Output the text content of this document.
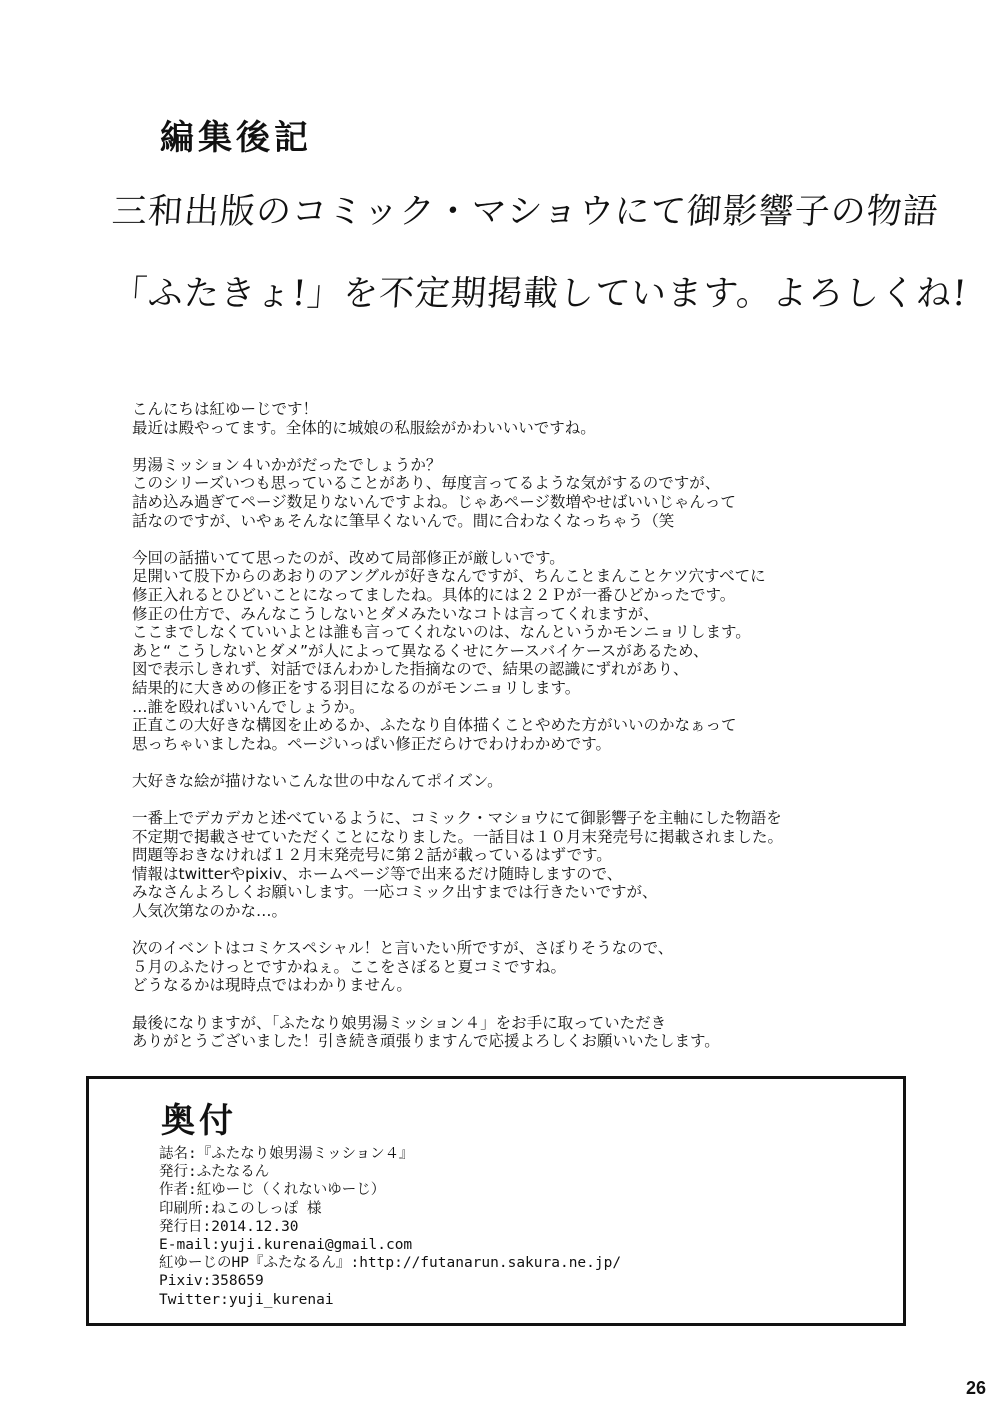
編集後記

三和出版のコミック・マショウにて御影響子の物語

「ふたきょ!」を不定期掲載しています。よろしくね!

こんにちは紅ゆーじです！
最近は殿やってます。全体的に城娘の私服絵がかわいいいですね。

男湯ミッション４いかがだったでしょうか？
このシリーズいつも思っていることがあり、毎度言ってるような気がするのですが、
詰め込み過ぎてページ数足りないんですよね。じゃあページ数増やせばいいじゃんって
話なのですが、いやぁそんなに筆早くないんで。間に合わなくなっちゃう（笑

今回の話描いてて思ったのが、改めて局部修正が厳しいです。
足開いて股下からのあおりのアングルが好きなんですが、ちんことまんことケツ穴すべてに
修正入れるとひどいことになってましたね。具体的には２２Ｐが一番ひどかったです。
修正の仕方で、みんなこうしないとダメみたいなコトは言ってくれますが、
ここまでしなくていいよとは誰も言ってくれないのは、なんというかモンニョリします。
あと“ こうしないとダメ”が人によって異なるくせにケースバイケースがあるため、
図で表示しきれず、対話でほんわかした指摘なので、結果の認識にずれがあり、
結果的に大きめの修正をする羽目になるのがモンニョリします。
…誰を殴ればいいんでしょうか。
正直この大好きな構図を止めるか、ふたなり自体描くことやめた方がいいのかなぁって
思っちゃいましたね。ページいっぱい修正だらけでわけわかめです。

大好きな絵が描けないこんな世の中なんてポイズン。

一番上でデカデカと述べているように、コミック・マショウにて御影響子を主軸にした物語を
不定期で掲載させていただくことになりました。一話目は１０月末発売号に掲載されました。
問題等おきなければ１２月末発売号に第２話が載っているはずです。
情報はtwitterやpixiv、ホームページ等で出来るだけ随時しますので、
みなさんよろしくお願いします。一応コミック出すまでは行きたいですが、
人気次第なのかな…。

次のイベントはコミケスペシャル！と言いたい所ですが、さぼりそうなので、
５月のふたけっとですかねぇ。ここをさぼると夏コミですね。
どうなるかは現時点ではわかりません。

最後になりますが、「ふたなり娘男湯ミッション４」をお手に取っていただき
ありがとうございました！引き続き頑張りますんで応援よろしくお願いいたします。

奥付
誌名:『ふたなり娘男湯ミッション４』
発行:ふたなるん
作者:紅ゆーじ（くれないゆーじ）
印刷所:ねこのしっぽ 様
発行日:2014.12.30
E-mail:yuji.kurenai@gmail.com
紅ゆーじのHP『ふたなるん』:http://futanarun.sakura.ne.jp/
Pixiv:358659
Twitter:yuji_kurenai
26
